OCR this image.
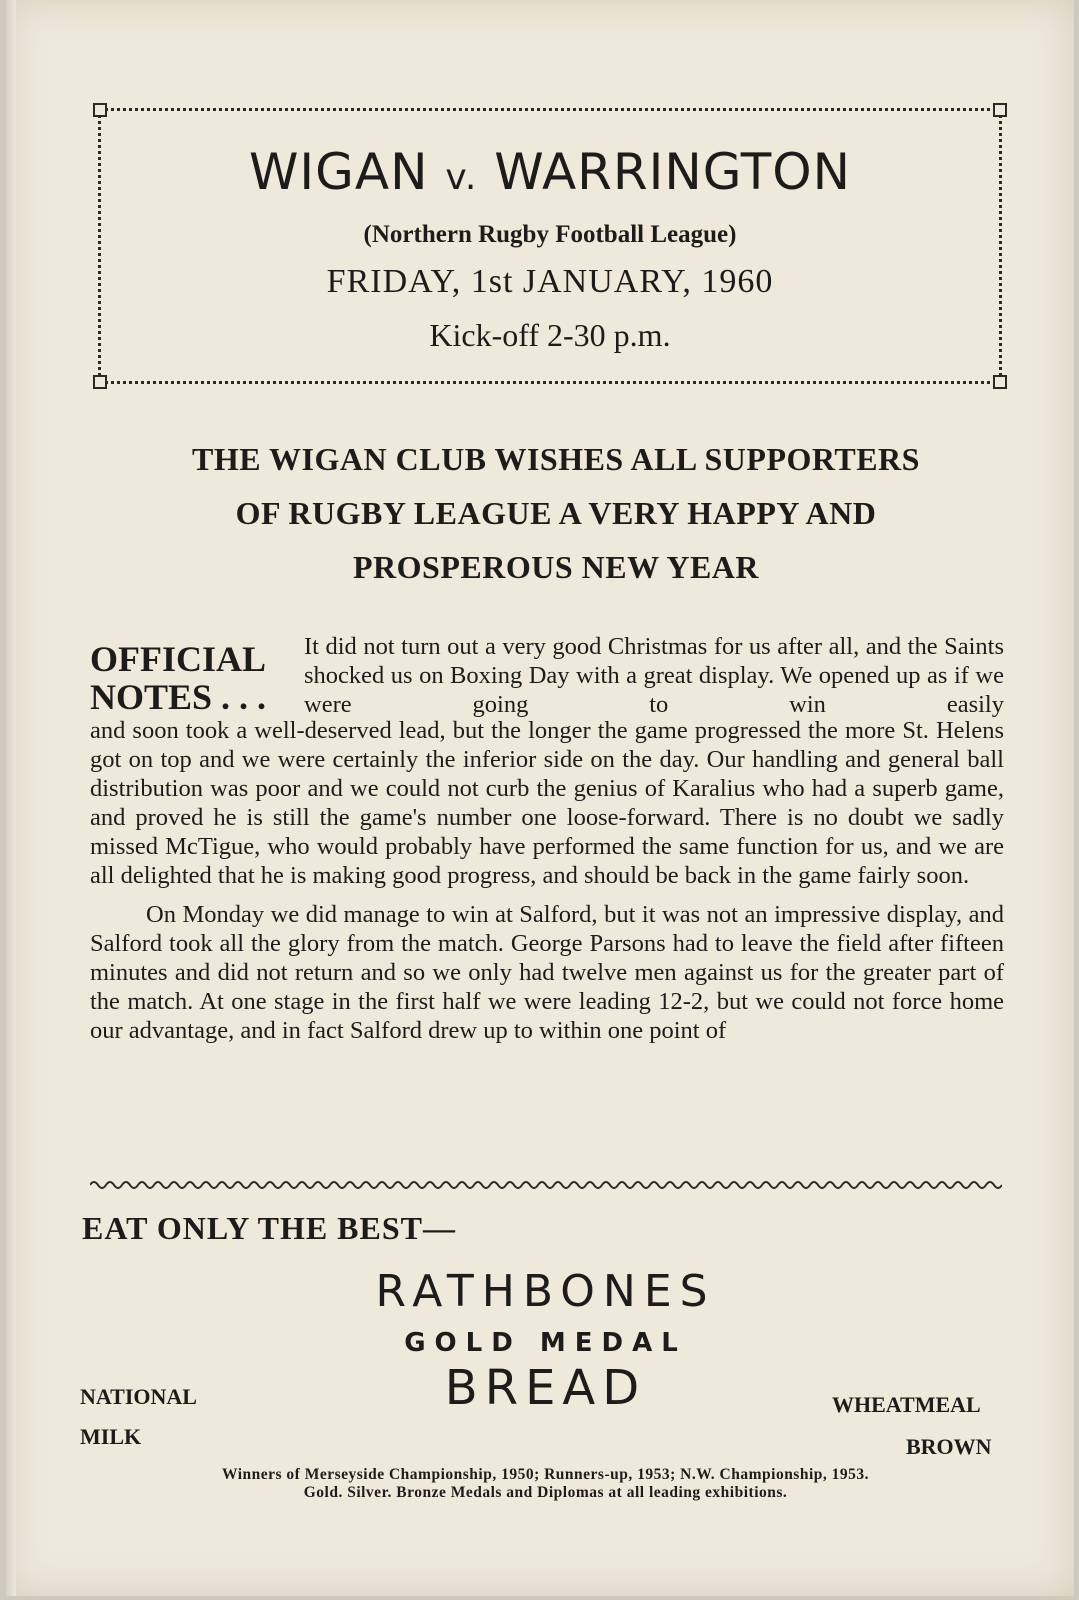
WIGAN v. WARRINGTON
(Northern Rugby Football League)
FRIDAY, 1st JANUARY, 1960
Kick-off 2-30 p.m.
THE WIGAN CLUB WISHES ALL SUPPORTERS
OF RUGBY LEAGUE A VERY HAPPY AND
PROSPEROUS NEW YEAR
OFFICIAL
NOTES . . .
It did not turn out a very good Christmas for us after all, and the Saints shocked us on Boxing Day with a great display. We opened up as if we were going to win easily

and soon took a well-deserved lead, but the longer the game progressed the more St. Helens got on top and we were certainly the inferior side on the day. Our handling and general ball distribution was poor and we could not curb the genius of Karalius who had a superb game, and proved he is still the game's number one loose-forward. There is no doubt we sadly missed McTigue, who would probably have performed the same function for us, and we are all delighted that he is making good progress, and should be back in the game fairly soon.

On Monday we did manage to win at Salford, but it was not an impressive display, and Salford took all the glory from the match. George Parsons had to leave the field after fifteen minutes and did not return and so we only had twelve men against us for the greater part of the match. At one stage in the first half we were leading 12-2, but we could not force home our advantage, and in fact Salford drew up to within one point of

EAT ONLY THE BEST—
RATHBONES
GOLD MEDAL
BREAD
NATIONAL
MILK
WHEATMEAL
BROWN
Winners of Merseyside Championship, 1950; Runners-up, 1953; N.W. Championship, 1953.
Gold. Silver. Bronze Medals and Diplomas at all leading exhibitions.
